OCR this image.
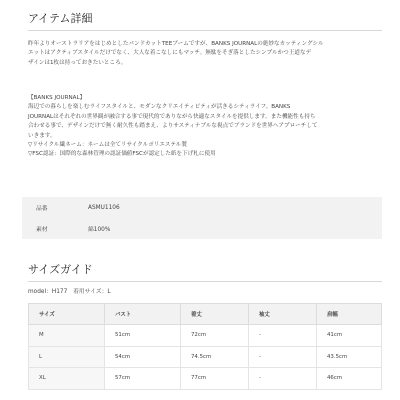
アイテム詳細

昨年よりオーストラリアをはじめとしたバンドカットTEEブームですが、BANKS JOURNALの絶妙なカッティングシル

エットはアクティブスタイルだけでなく、大人な着こなしにもマッチ。無駄をそぎ落としたシンプルかつ王道なデ

ザインは1枚は持っておきたいところ。

【BANKS JOURNAL】

海辺での暮らしを楽しむライフスタイルと、モダンなクリエイティビティが活きるシティライフ。BANKS

JOURNALはそれぞれの世界観が融合する事で現代的でありながら快適なスタイルを提供します。また機能性も持ち

合わせる事で、デザインだけで無く耐久性も踏まえ、よりサスティナブルな視点でブランドを世界へアプローチして

いきます。

▽リサイクル繊ネーム：ネームは全てリサイクルポリエステル製

▽FSC認証：国際的な森林管理の認証価値FSCが認定した紙を下げ札に使用

品番	ASMU1106
素材	綿100%
サイズガイド
model：H177　着用サイズ：L
サイズ	バスト	着丈	袖丈	肩幅
M	51cm	72cm	-	41cm
L	54cm	74.5cm	-	43.5cm
XL	57cm	77cm	-	46cm
